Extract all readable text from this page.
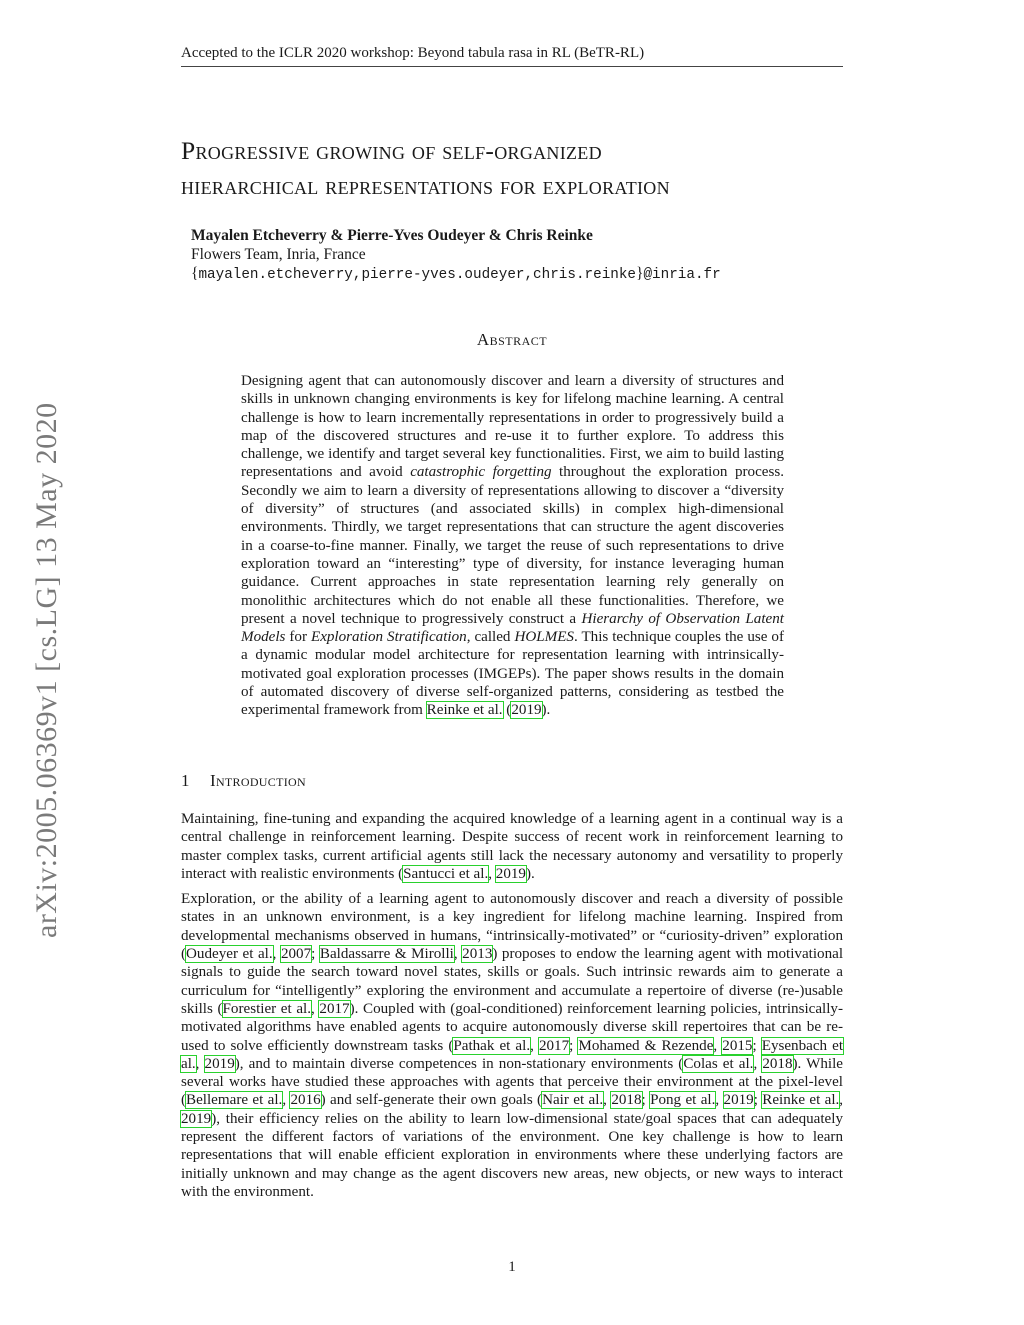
Accepted to the ICLR 2020 workshop: Beyond tabula rasa in RL (BeTR-RL)
Progressive growing of self-organized
hierarchical representations for exploration
Mayalen Etcheverry & Pierre-Yves Oudeyer & Chris Reinke
Flowers Team, Inria, France
{mayalen.etcheverry,pierre-yves.oudeyer,chris.reinke}@inria.fr
Abstract
Designing agent that can autonomously discover and learn a diversity of structures and skills in unknown changing environments is key for lifelong machine learning. A central challenge is how to learn incrementally representations in order to progressively build a map of the discovered structures and re-use it to further explore. To address this challenge, we identify and target several key functionalities. First, we aim to build lasting representations and avoid catastrophic forgetting throughout the exploration process. Secondly we aim to learn a diversity of representations allowing to discover a “diversity of diversity” of structures (and associated skills) in complex high-dimensional environments. Thirdly, we target representations that can structure the agent discoveries in a coarse-to-fine manner. Finally, we target the reuse of such representations to drive exploration toward an “interesting” type of diversity, for instance leveraging human guidance. Current approaches in state representation learning rely generally on monolithic architectures which do not enable all these functionalities. Therefore, we present a novel technique to progressively construct a Hierarchy of Observation Latent Models for Exploration Stratification, called HOLMES. This technique couples the use of a dynamic modular model architecture for representation learning with intrinsically-motivated goal exploration processes (IMGEPs). The paper shows results in the domain of automated discovery of diverse self-organized patterns, considering as testbed the experimental framework from Reinke et al. (2019).
1 Introduction

Maintaining, fine-tuning and expanding the acquired knowledge of a learning agent in a continual way is a central challenge in reinforcement learning. Despite success of recent work in reinforcement learning to master complex tasks, current artificial agents still lack the necessary autonomy and versatility to properly interact with realistic environments (Santucci et al., 2019).

Exploration, or the ability of a learning agent to autonomously discover and reach a diversity of possible states in an unknown environment, is a key ingredient for lifelong machine learning. Inspired from developmental mechanisms observed in humans, “intrinsically-motivated” or “curiosity-driven” exploration (Oudeyer et al., 2007; Baldassarre & Mirolli, 2013) proposes to endow the learning agent with motivational signals to guide the search toward novel states, skills or goals. Such intrinsic rewards aim to generate a curriculum for “intelligently” exploring the environment and accumulate a repertoire of diverse (re-)usable skills (Forestier et al., 2017). Coupled with (goal-conditioned) reinforcement learning policies, intrinsically-motivated algorithms have enabled agents to acquire autonomously diverse skill repertoires that can be re-used to solve efficiently downstream tasks (Pathak et al., 2017; Mohamed & Rezende, 2015; Eysenbach et al., 2019), and to maintain diverse competences in non-stationary environments (Colas et al., 2018). While several works have studied these approaches with agents that perceive their environment at the pixel-level (Bellemare et al., 2016) and self-generate their own goals (Nair et al., 2018; Pong et al., 2019; Reinke et al., 2019), their efficiency relies on the ability to learn low-dimensional state/goal spaces that can adequately represent the different factors of variations of the environment. One key challenge is how to learn representations that will enable efficient exploration in environments where these underlying factors are initially unknown and may change as the agent discovers new areas, new objects, or new ways to interact with the environment.

arXiv:2005.06369v1 [cs.LG] 13 May 2020
1
